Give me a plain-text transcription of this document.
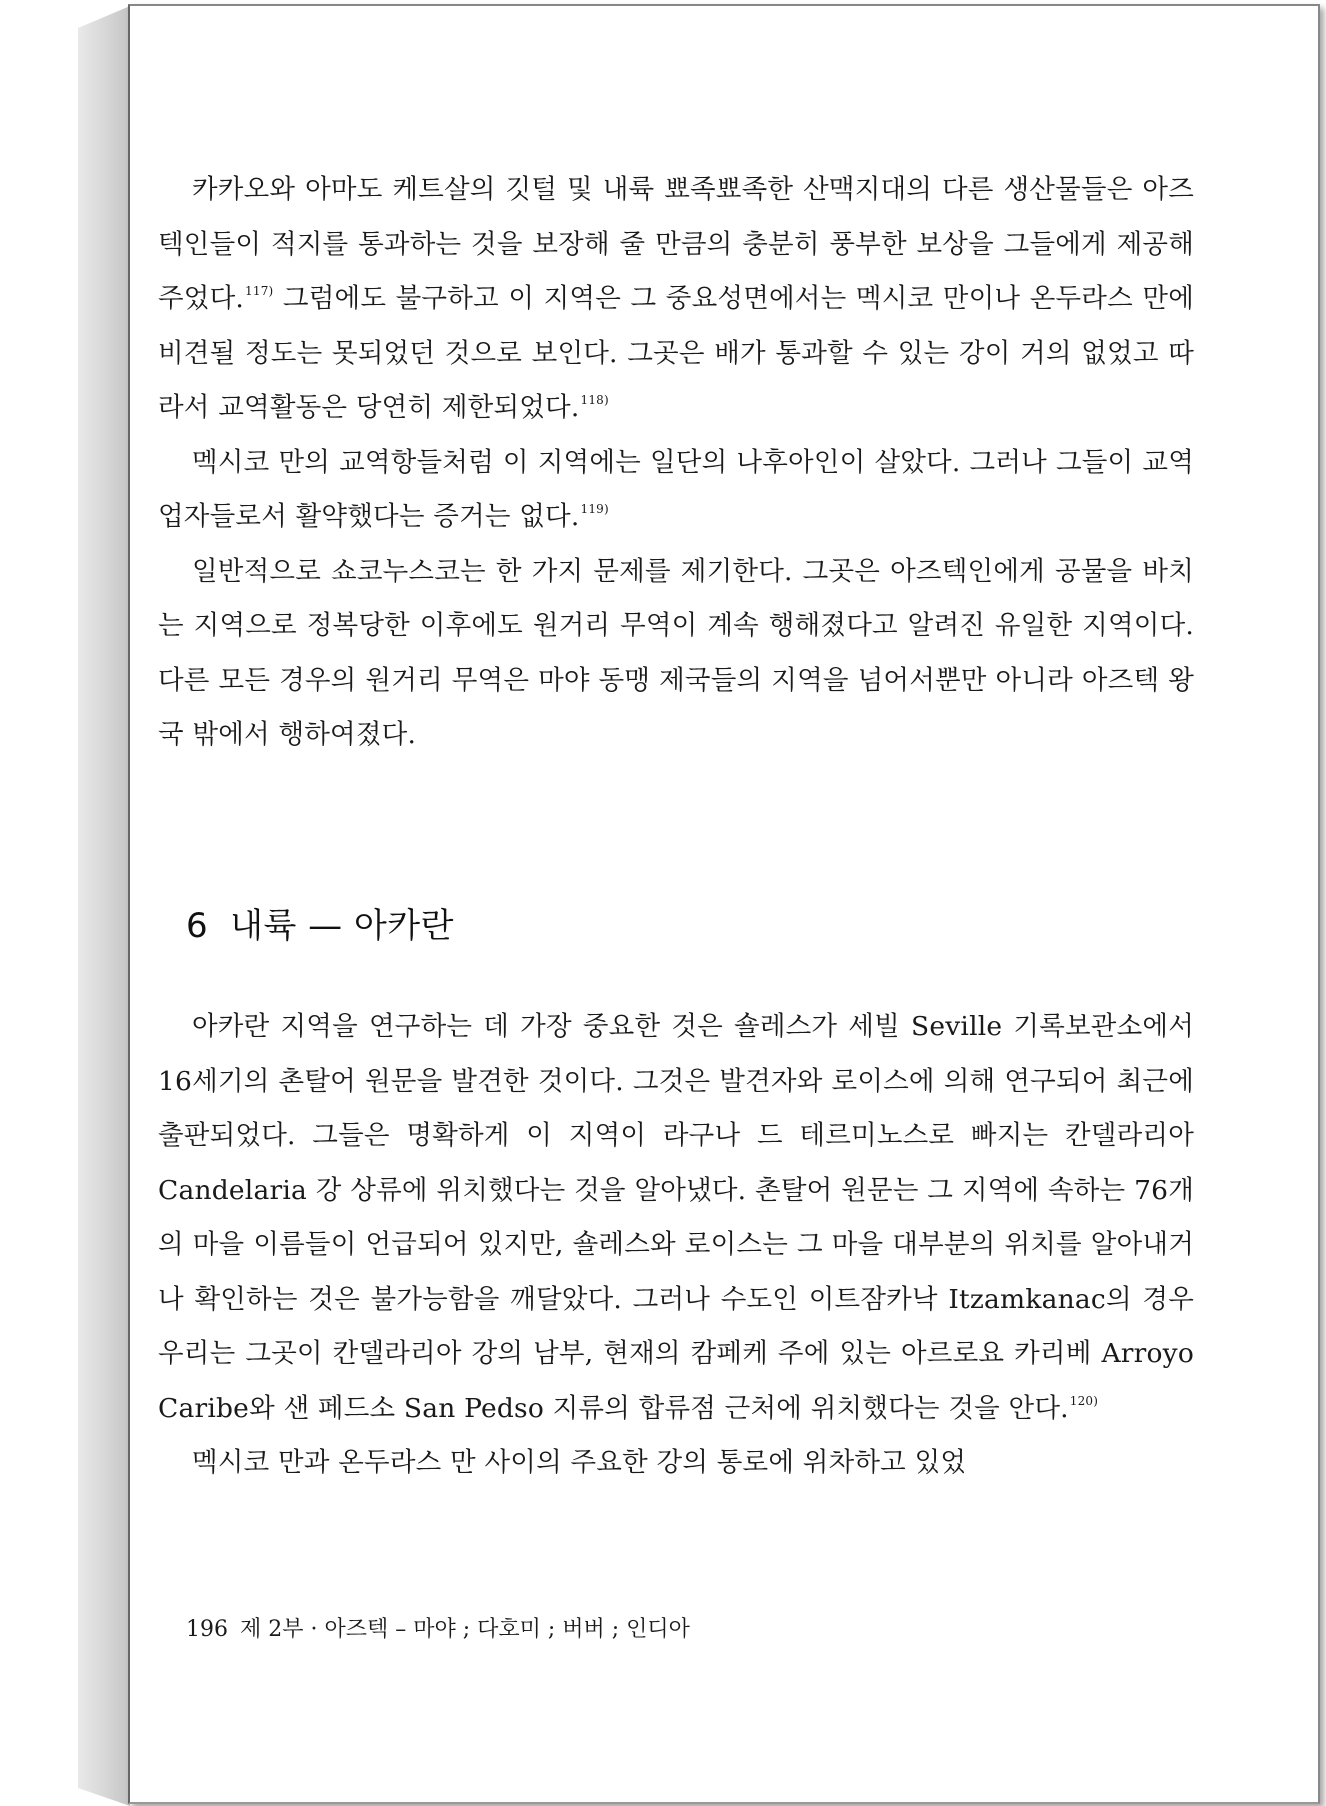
카카오와 아마도 케트살의 깃털 및 내륙 뾰족뾰족한 산맥지대의 다른 생산물들은 아즈텍인들이 적지를 통과하는 것을 보장해 줄 만큼의 충분히 풍부한 보상을 그들에게 제공해 주었다.$^{117)}$ 그럼에도 불구하고 이 지역은 그 중요성면에서는 멕시코 만이나 온두라스 만에 비견될 정도는 못되었던 것으로 보인다. 그곳은 배가 통과할 수 있는 강이 거의 없었고 따라서 교역활동은 당연히 제한되었다.$^{118)}$

멕시코 만의 교역항들처럼 이 지역에는 일단의 나후아인이 살았다. 그러나 그들이 교역업자들로서 활약했다는 증거는 없다.$^{119)}$

일반적으로 쇼코누스코는 한 가지 문제를 제기한다. 그곳은 아즈텍인에게 공물을 바치는 지역으로 정복당한 이후에도 원거리 무역이 계속 행해졌다고 알려진 유일한 지역이다. 다른 모든 경우의 원거리 무역은 마야 동맹 제국들의 지역을 넘어서뿐만 아니라 아즈텍 왕국 밖에서 행하여졌다.

6 내륙 — 아카란

아카란 지역을 연구하는 데 가장 중요한 것은 숄레스가 세빌 Seville 기록보관소에서 16세기의 촌탈어 원문을 발견한 것이다. 그것은 발견자와 로이스에 의해 연구되어 최근에 출판되었다. 그들은 명확하게 이 지역이 라구나 드 테르미노스로 빠지는 칸델라리아 Candelaria 강 상류에 위치했다는 것을 알아냈다. 촌탈어 원문는 그 지역에 속하는 76개의 마을 이름들이 언급되어 있지만, 숄레스와 로이스는 그 마을 대부분의 위치를 알아내거나 확인하는 것은 불가능함을 깨달았다. 그러나 수도인 이트잠카낙 Itzamkanac의 경우 우리는 그곳이 칸델라리아 강의 남부, 현재의 캄페케 주에 있는 아르로요 카리베 Arroyo Caribe와 샌 페드소 San Pedso 지류의 합류점 근처에 위치했다는 것을 안다.$^{120)}$

멕시코 만과 온두라스 만 사이의 주요한 강의 통로에 위차하고 있었

196 제 2부 · 아즈텍 – 마야 ; 다호미 ; 버버 ; 인디아
